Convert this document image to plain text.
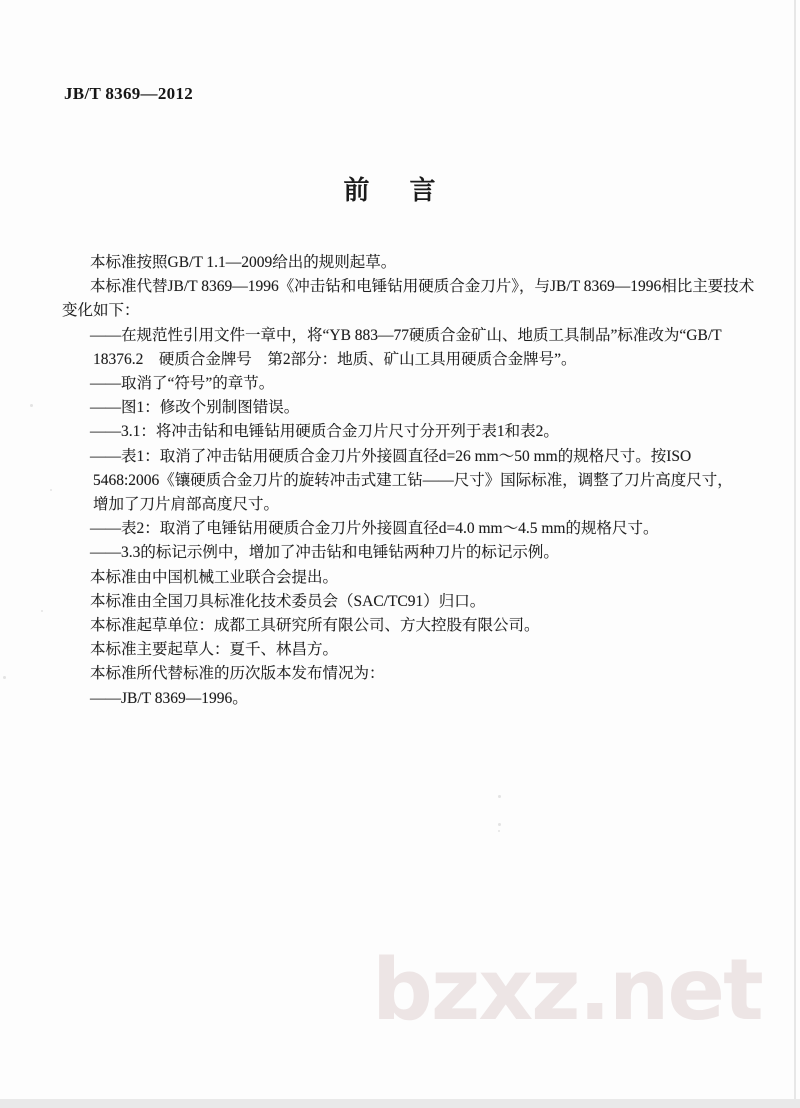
JB/T 8369—2012
前　言

本标准按照GB/T 1.1—2009给出的规则起草。

本标准代替JB/T 8369—1996《冲击钻和电锤钻用硬质合金刀片》，与JB/T 8369—1996相比主要技术

变化如下：

——在规范性引用文件一章中，将“YB 883—77硬质合金矿山、地质工具制品”标准改为“GB/T

18376.2　硬质合金牌号　第2部分：地质、矿山工具用硬质合金牌号”。

——取消了“符号”的章节。

——图1：修改个别制图错误。

——3.1：将冲击钻和电锤钻用硬质合金刀片尺寸分开列于表1和表2。

——表1：取消了冲击钻用硬质合金刀片外接圆直径d=26 mm～50 mm的规格尺寸。按ISO

5468:2006《镶硬质合金刀片的旋转冲击式建工钻——尺寸》国际标准，调整了刀片高度尺寸，

增加了刀片肩部高度尺寸。

——表2：取消了电锤钻用硬质合金刀片外接圆直径d=4.0 mm～4.5 mm的规格尺寸。

——3.3的标记示例中，增加了冲击钻和电锤钻两种刀片的标记示例。

本标准由中国机械工业联合会提出。

本标准由全国刀具标准化技术委员会（SAC/TC91）归口。

本标准起草单位：成都工具研究所有限公司、方大控股有限公司。

本标准主要起草人：夏千、林昌方。

本标准所代替标准的历次版本发布情况为：

——JB/T 8369—1996。

bzxz.net
